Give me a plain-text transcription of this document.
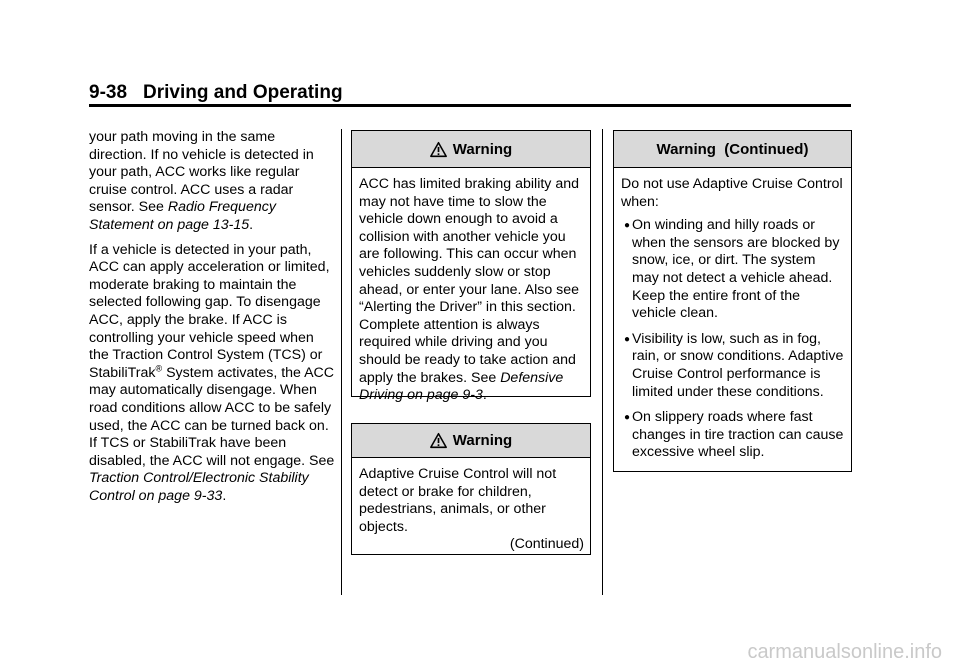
9-38 Driving and Operating

your path moving in the same direction. If no vehicle is detected in your path, ACC works like regular cruise control. ACC uses a radar sensor. See Radio Frequency Statement on page 13-15.

If a vehicle is detected in your path, ACC can apply acceleration or limited, moderate braking to maintain the selected following gap. To disengage ACC, apply the brake. If ACC is controlling your vehicle speed when the Traction Control System (TCS) or StabiliTrak® System activates, the ACC may automatically disengage. When road conditions allow ACC to be safely used, the ACC can be turned back on. If TCS or StabiliTrak have been disabled, the ACC will not engage. See Traction Control/Electronic Stability Control on page 9-33.

Warning

ACC has limited braking ability and may not have time to slow the vehicle down enough to avoid a collision with another vehicle you are following. This can occur when vehicles suddenly slow or stop ahead, or enter your lane. Also see “Alerting the Driver” in this section. Complete attention is always required while driving and you should be ready to take action and apply the brakes. See Defensive Driving on page 9-3.

Warning

Adaptive Cruise Control will not detect or brake for children, pedestrians, animals, or other objects.

(Continued)

Warning  (Continued)

Do not use Adaptive Cruise Control when:

● On winding and hilly roads or when the sensors are blocked by snow, ice, or dirt. The system may not detect a vehicle ahead. Keep the entire front of the vehicle clean.
● Visibility is low, such as in fog, rain, or snow conditions. Adaptive Cruise Control performance is limited under these conditions.
● On slippery roads where fast changes in tire traction can cause excessive wheel slip.
carmanualsonline.info
